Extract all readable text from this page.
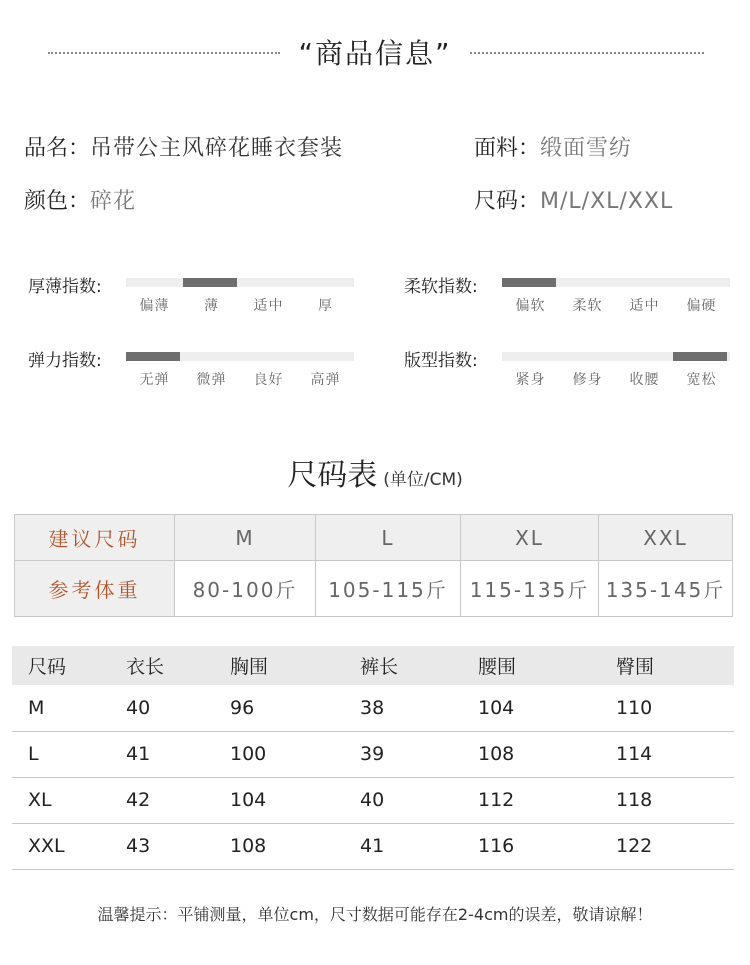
“商品信息”
品名：吊带公主风碎花睡衣套装	面料：缎面雪纺
颜色：碎花	尺码：M/L/XL/XXL
厚薄指数:
偏薄 薄 适中 厚
柔软指数:
偏软 柔软 适中 偏硬
弹力指数:
无弹 微弹 良好 高弹
版型指数:
紧身 修身 收腰 宽松
尺码表 (单位/CM)
建议尺码	M	L	XL	XXL
参考体重	80-100斤	105-115斤	115-135斤	135-145斤
尺码	衣长	胸围	裤长	腰围	臀围
M	40	96	38	104	110
L	41	100	39	108	114
XL	42	104	40	112	118
XXL	43	108	41	116	122
温馨提示：平铺测量，单位cm，尺寸数据可能存在2-4cm的误差，敬请谅解！
